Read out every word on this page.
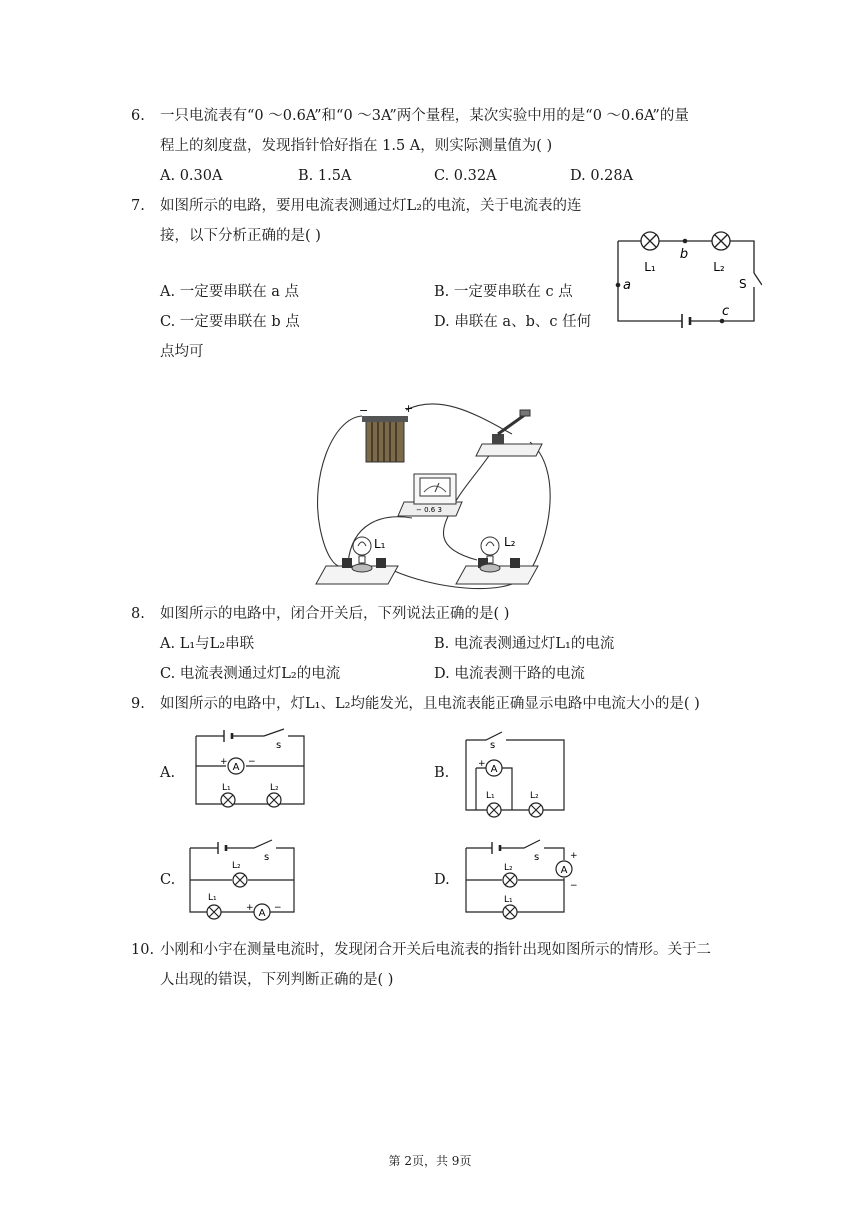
6. 一只电流表有“0 ～0.6A”和“0 ～3A”两个量程，某次实验中用的是“0 ～0.6A”的量
程上的刻度盘，发现指针恰好指在 1.5 A，则实际测量值为( )
A. 0.30A	B. 1.5A	C. 0.32A	D. 0.28A
7. 如图所示的电路，要用电流表测通过灯L₂的电流，关于电流表的连
接，以下分析正确的是( )
A. 一定要串联在 a 点	B. 一定要串联在 c 点
C. 一定要串联在 b 点	D. 串联在 a、b、c 任何
点均可
L₁	L₂
b
a
c
S
−	+
− 0.6 3
L₁	L₂
8. 如图所示的电路中，闭合开关后，下列说法正确的是( )
A. L₁与L₂串联	B. 电流表测通过灯L₁的电流
C. 电流表测通过灯L₂的电流	D. 电流表测干路的电流
9. 如图所示的电路中，灯L₁、L₂均能发光，且电流表能正确显示电路中电流大小的是( )
A.	B.
C.	D.
A
+ −
s
L₁	L₂
A
+
s
L₁	L₂
A
+ −
s
L₂
L₁
A
+
−
s
L₂
L₁
10. 小刚和小宇在测量电流时，发现闭合开关后电流表的指针出现如图所示的情形。关于二
人出现的错误，下列判断正确的是( )
第 2页，共 9页
